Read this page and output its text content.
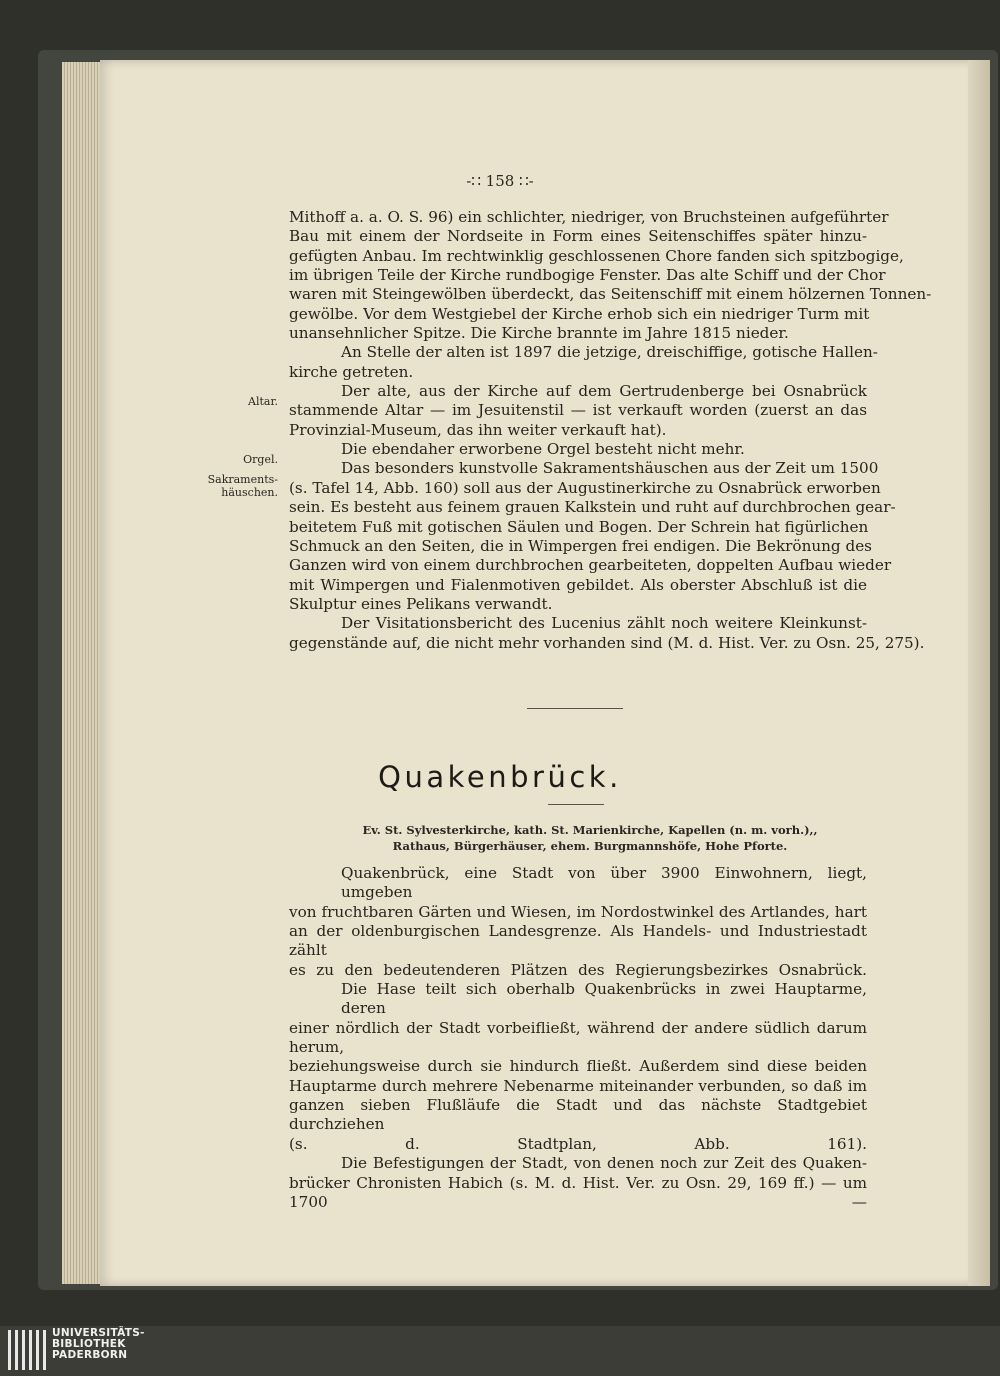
-∷ 158 ∷-
Altar.
Orgel.
Sakraments-
häuschen.
Mithoff a. a. O. S. 96) ein schlichter, niedriger, von Bruchsteinen aufgeführter
Bau mit einem der Nordseite in Form eines Seitenschiffes später hinzu-
gefügten Anbau. Im rechtwinklig geschlossenen Chore fanden sich spitzbogige,
im übrigen Teile der Kirche rundbogige Fenster. Das alte Schiff und der Chor
waren mit Steingewölben überdeckt, das Seitenschiff mit einem hölzernen Tonnen-
gewölbe. Vor dem Westgiebel der Kirche erhob sich ein niedriger Turm mit
unansehnlicher Spitze. Die Kirche brannte im Jahre 1815 nieder.
An Stelle der alten ist 1897 die jetzige, dreischiffige, gotische Hallen-
kirche getreten.
Der alte, aus der Kirche auf dem Gertrudenberge bei Osnabrück
stammende Altar — im Jesuitenstil — ist verkauft worden (zuerst an das
Provinzial-Museum, das ihn weiter verkauft hat).
Die ebendaher erworbene Orgel besteht nicht mehr.
Das besonders kunstvolle Sakramentshäuschen aus der Zeit um 1500
(s. Tafel 14, Abb. 160) soll aus der Augustinerkirche zu Osnabrück erworben
sein. Es besteht aus feinem grauen Kalkstein und ruht auf durchbrochen gear-
beitetem Fuß mit gotischen Säulen und Bogen. Der Schrein hat figürlichen
Schmuck an den Seiten, die in Wimpergen frei endigen. Die Bekrönung des
Ganzen wird von einem durchbrochen gearbeiteten, doppelten Aufbau wieder
mit Wimpergen und Fialenmotiven gebildet. Als oberster Abschluß ist die
Skulptur eines Pelikans verwandt.
Der Visitationsbericht des Lucenius zählt noch weitere Kleinkunst-
gegenstände auf, die nicht mehr vorhanden sind (M. d. Hist. Ver. zu Osn. 25, 275).
Quakenbrück.
Ev. St. Sylvesterkirche, kath. St. Marienkirche, Kapellen (n. m. vorh.),,
Rathaus, Bürgerhäuser, ehem. Burgmannshöfe, Hohe Pforte.
Quakenbrück, eine Stadt von über 3900 Einwohnern, liegt, umgeben
von fruchtbaren Gärten und Wiesen, im Nordostwinkel des Artlandes, hart
an der oldenburgischen Landesgrenze. Als Handels- und Industriestadt zählt
es zu den bedeutenderen Plätzen des Regierungsbezirkes Osnabrück.
Die Hase teilt sich oberhalb Quakenbrücks in zwei Hauptarme, deren
einer nördlich der Stadt vorbeifließt, während der andere südlich darum herum,
beziehungsweise durch sie hindurch fließt. Außerdem sind diese beiden
Hauptarme durch mehrere Nebenarme miteinander verbunden, so daß im
ganzen sieben Flußläufe die Stadt und das nächste Stadtgebiet durchziehen
(s. d. Stadtplan, Abb. 161).
Die Befestigungen der Stadt, von denen noch zur Zeit des Quaken-
brücker Chronisten Habich (s. M. d. Hist. Ver. zu Osn. 29, 169 ff.) — um 1700 —
UNIVERSITÄTS-
BIBLIOTHEK
PADERBORN
